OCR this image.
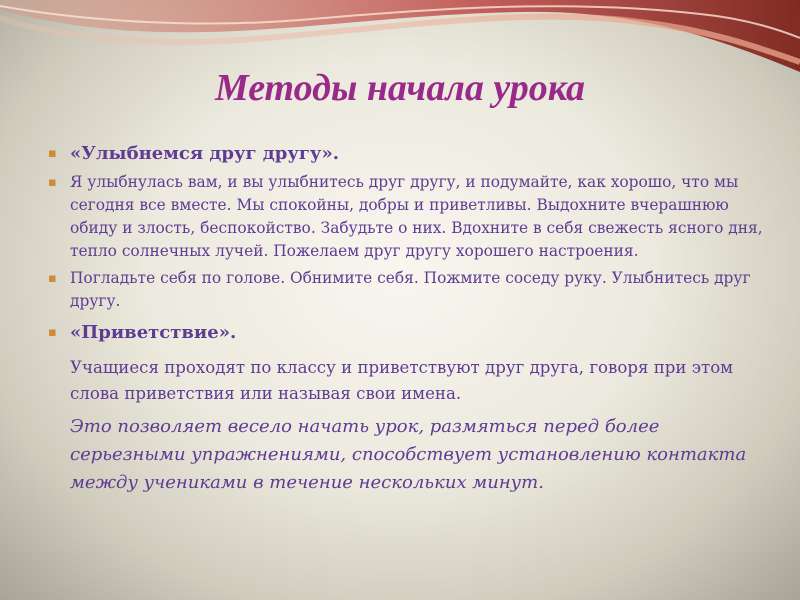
Методы начала урока

▪ «Улыбнемся друг другу».

▪ Я улыбнулась вам, и вы улыбнитесь друг другу, и подумайте, как хорошо, что мы сегодня все вместе. Мы спокойны, добры и приветливы. Выдохните вчерашнюю обиду и злость, беспокойство. Забудьте о них. Вдохните в себя свежесть ясного дня, тепло солнечных лучей. Пожелаем друг другу хорошего настроения.

▪ Погладьте себя по голове. Обнимите себя. Пожмите соседу руку. Улыбнитесь друг другу.

▪ «Приветствие».

Учащиеся проходят по классу и приветствуют друг друга, говоря при этом слова приветствия или называя свои имена.

Это позволяет весело начать урок, размяться перед более серьезными упражнениями, способствует установлению контакта между учениками в течение нескольких минут.
